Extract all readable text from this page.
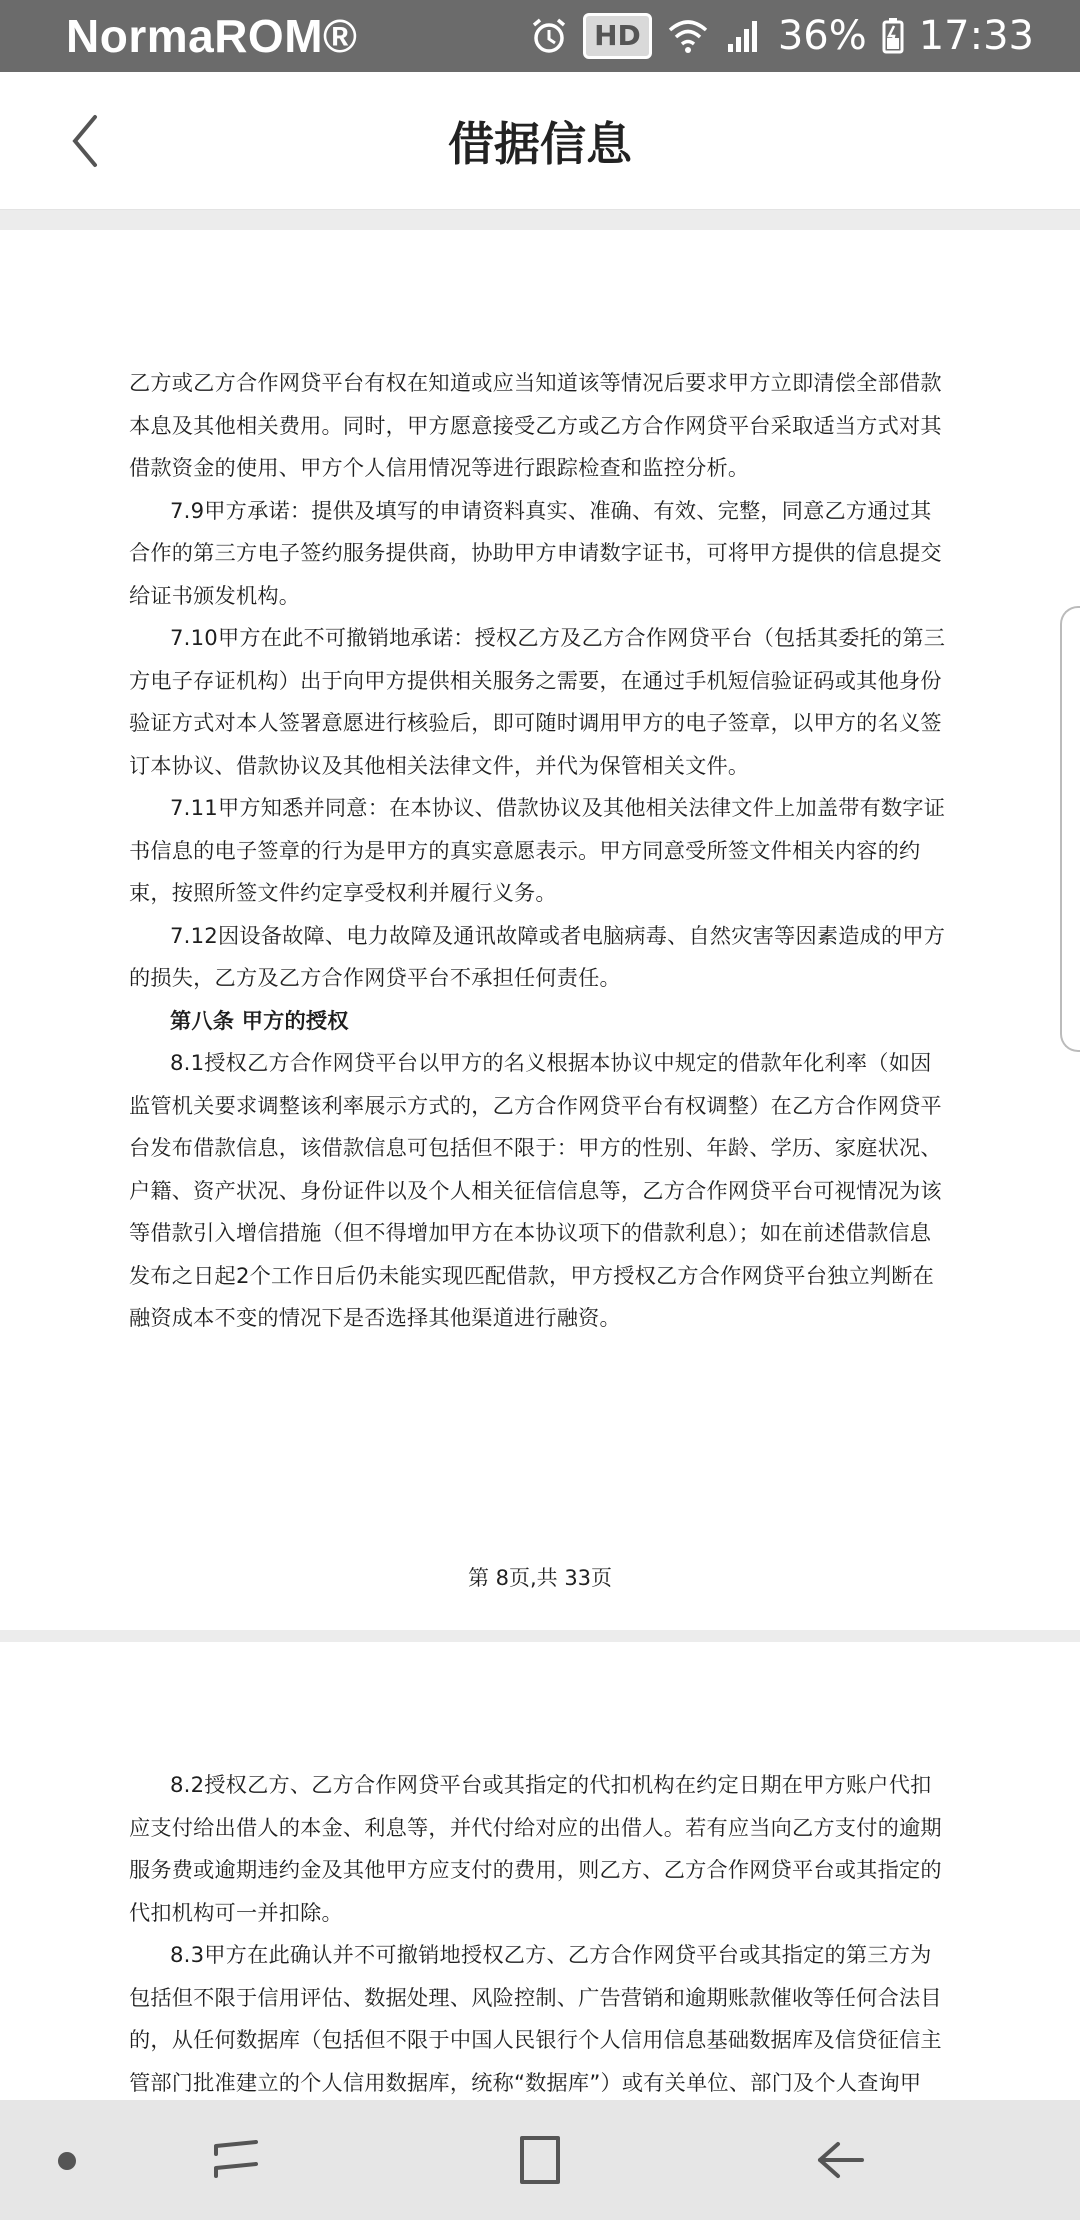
NormaROM®	HD	36% 17:33
借据信息

乙方或乙方合作网贷平台有权在知道或应当知道该等情况后要求甲方立即清偿全部借款本息及其他相关费用。同时，甲方愿意接受乙方或乙方合作网贷平台采取适当方式对其借款资金的使用、甲方个人信用情况等进行跟踪检查和监控分析。

7.9甲方承诺：提供及填写的申请资料真实、准确、有效、完整，同意乙方通过其合作的第三方电子签约服务提供商，协助甲方申请数字证书，可将甲方提供的信息提交给证书颁发机构。

7.10甲方在此不可撤销地承诺：授权乙方及乙方合作网贷平台（包括其委托的第三方电子存证机构）出于向甲方提供相关服务之需要，在通过手机短信验证码或其他身份验证方式对本人签署意愿进行核验后，即可随时调用甲方的电子签章，以甲方的名义签订本协议、借款协议及其他相关法律文件，并代为保管相关文件。

7.11甲方知悉并同意：在本协议、借款协议及其他相关法律文件上加盖带有数字证书信息的电子签章的行为是甲方的真实意愿表示。甲方同意受所签文件相关内容的约束，按照所签文件约定享受权利并履行义务。

7.12因设备故障、电力故障及通讯故障或者电脑病毒、自然灾害等因素造成的甲方的损失，乙方及乙方合作网贷平台不承担任何责任。

第八条 甲方的授权

8.1授权乙方合作网贷平台以甲方的名义根据本协议中规定的借款年化利率（如因监管机关要求调整该利率展示方式的，乙方合作网贷平台有权调整）在乙方合作网贷平台发布借款信息，该借款信息可包括但不限于：甲方的性别、年龄、学历、家庭状况、户籍、资产状况、身份证件以及个人相关征信信息等，乙方合作网贷平台可视情况为该等借款引入增信措施（但不得增加甲方在本协议项下的借款利息）；如在前述借款信息发布之日起2个工作日后仍未能实现匹配借款，甲方授权乙方合作网贷平台独立判断在融资成本不变的情况下是否选择其他渠道进行融资。

第 8页,共 33页

8.2授权乙方、乙方合作网贷平台或其指定的代扣机构在约定日期在甲方账户代扣应支付给出借人的本金、利息等，并代付给对应的出借人。若有应当向乙方支付的逾期服务费或逾期违约金及其他甲方应支付的费用，则乙方、乙方合作网贷平台或其指定的代扣机构可一并扣除。

8.3甲方在此确认并不可撤销地授权乙方、乙方合作网贷平台或其指定的第三方为包括但不限于信用评估、数据处理、风险控制、广告营销和逾期账款催收等任何合法目的，从任何数据库（包括但不限于中国人民银行个人信用信息基础数据库及信贷征信主管部门批准建立的个人信用数据库，统称“数据库”）或有关单位、部门及个人查询甲
